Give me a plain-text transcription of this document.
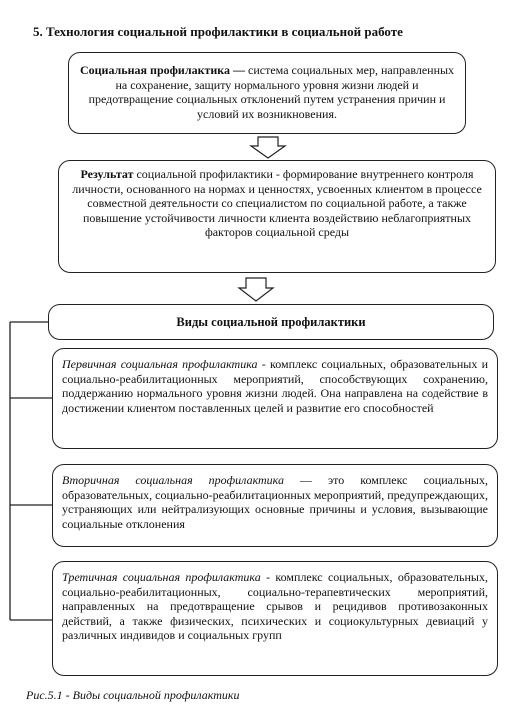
5. Технология социальной профилактики в социальной работе
Социальная профилактика — система социальных мер, направленных на сохранение, защиту нормального уровня жизни людей и предотвращение социальных отклонений путем устранения причин и условий их возникновения.
Результат социальной профилактики - формирование внутреннего контроля личности, основанного на нормах и ценностях, усвоенных клиентом в процессе совместной деятельности со специалистом по социальной работе, а также повышение устойчивости личности клиента воздействию неблагоприятных факторов социальной среды
Виды социальной профилактики
Первичная социальная профилактика - комплекс социальных, образовательных и социально-реабилитационных мероприятий, способствующих сохранению, поддержанию нормального уровня жизни людей. Она направлена на содействие в достижении клиентом поставленных целей и развитие его способностей
Вторичная социальная профилактика — это комплекс социальных, образовательных, социально-реабилитационных мероприятий, предупреждающих, устраняющих или нейтрализующих основные причины и условия, вызывающие социальные отклонения
Третичная социальная профилактика - комплекс социальных, образовательных, социально-реабилитационных, социально-терапевтических мероприятий, направленных на предотвращение срывов и рецидивов противозаконных действий, а также физических, психических и социокультурных девиаций у различных индивидов и социальных групп
Рис.5.1 - Виды социальной профилактики
